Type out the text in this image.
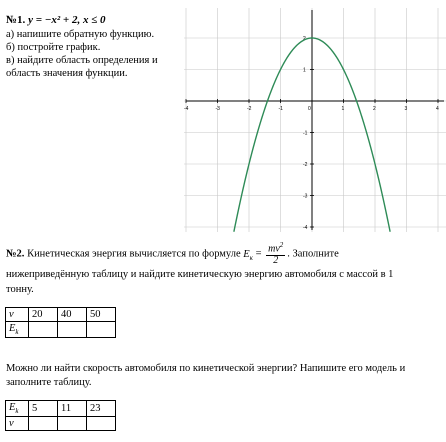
№1. y = −x² + 2, x ≤ 0
а) напишите обратную функцию.
б) постройте график.
в) найдите область определения и
область значения функции.
-4	-3	-2	-1	0	1	2	3	4
2
1
-1
-2
-3
-4
№2. Кинетическая энергия вычисляется по формуле $E_к = \frac{mv^2}{2}$ . Заполните
нижеприведённую таблицу и найдите кинетическую энергию автомобиля с массой в 1
тонну.
v	20	40	50
$E_k$			
Можно ли найти скорость автомобиля по кинетической энергии? Напишите его модель и
заполните таблицу.
$E_k$	5	11	23
v			
